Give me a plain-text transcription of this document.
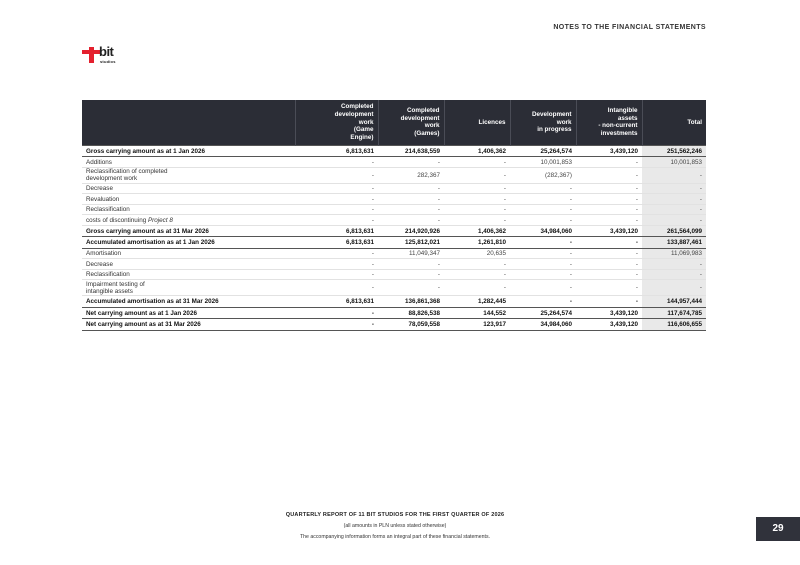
NOTES TO THE FINANCIAL STATEMENTS
bit
studios
	Completed
development
work
(Game
Engine)	Completed
development
work
(Games)	Licences	Development
work
in progress	Intangible
assets
- non-current
investments	Total
Gross carrying amount as at 1 Jan 2026	6,813,631	214,638,559	1,406,362	25,264,574	3,439,120	251,562,246
Additions	-	-	-	10,001,853	-	10,001,853
Reclassification of completed
development work	-	282,367	-	(282,367)	-	-
Decrease	-	-	-	-	-	-
Revaluation	-	-	-	-	-	-
Reclassification	-	-	-	-	-	-
costs of discontinuing Project 8	-	-	-	-	-	-
Gross carrying amount as at 31 Mar 2026	6,813,631	214,920,926	1,406,362	34,984,060	3,439,120	261,564,099
Accumulated amortisation as at 1 Jan 2026	6,813,631	125,812,021	1,261,810	-	-	133,887,461
Amortisation	-	11,049,347	20,635	-	-	11,069,983
Decrease	-	-	-	-	-	-
Reclassification	-	-	-	-	-	-
Impairment testing of
intangible assets	-	-	-	-	-	-
Accumulated amortisation as at 31 Mar 2026	6,813,631	136,861,368	1,282,445	-	-	144,957,444
Net carrying amount as at 1 Jan 2026	-	88,826,538	144,552	25,264,574	3,439,120	117,674,785
Net carrying amount as at 31 Mar 2026	-	78,059,558	123,917	34,984,060	3,439,120	116,606,655
QUARTERLY REPORT OF 11 BIT STUDIOS FOR THE FIRST QUARTER OF 2026
(all amounts in PLN unless stated otherwise)
The accompanying information forms an integral part of these financial statements.
29
